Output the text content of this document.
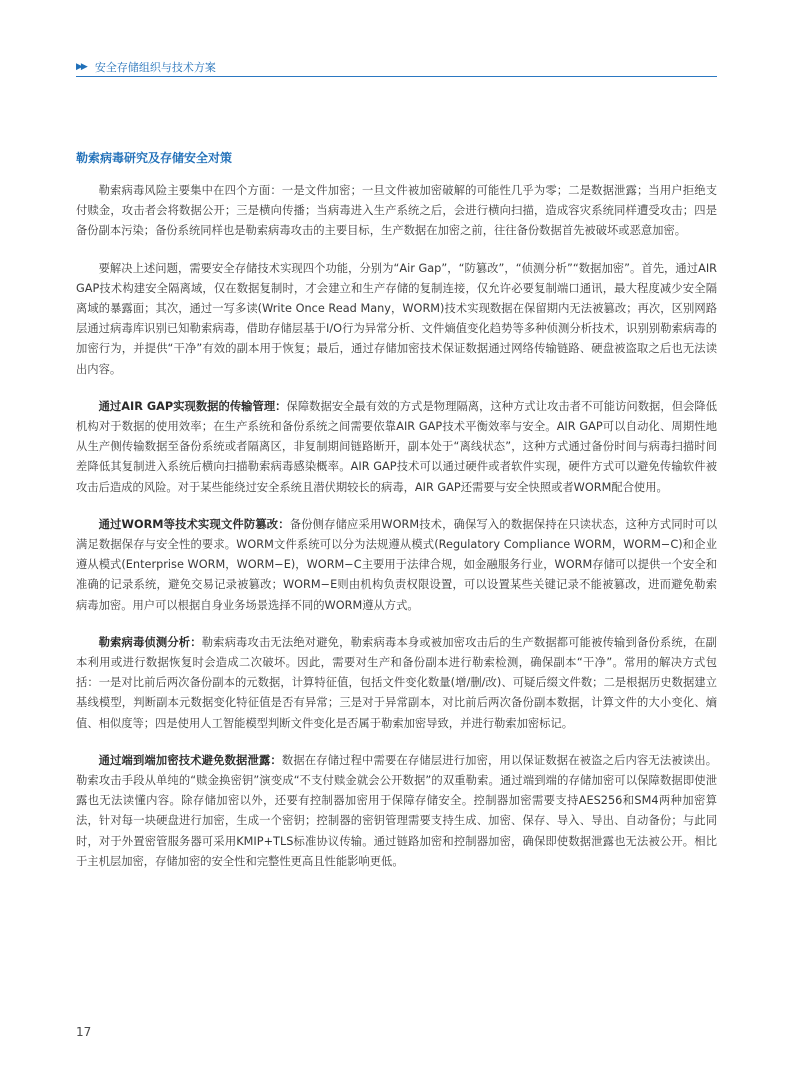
▶▶ 安全存储组织与技术方案
勒索病毒研究及存储安全对策

勒索病毒风险主要集中在四个方面：一是文件加密；一旦文件被加密破解的可能性几乎为零；二是数据泄露；当用户拒绝支付赎金，攻击者会将数据公开；三是横向传播；当病毒进入生产系统之后，会进行横向扫描，造成容灾系统同样遭受攻击；四是备份副本污染；备份系统同样也是勒索病毒攻击的主要目标，生产数据在加密之前，往往备份数据首先被破坏或恶意加密。

要解决上述问题，需要安全存储技术实现四个功能，分别为“Air Gap”，“防篡改”，“侦测分析”“数据加密”。首先，通过AIR GAP技术构建安全隔离域，仅在数据复制时，才会建立和生产存储的复制连接，仅允许必要复制端口通讯，最大程度减少安全隔离域的暴露面；其次，通过一写多读(Write Once Read Many，WORM)技术实现数据在保留期内无法被篡改；再次，区别网路层通过病毒库识别已知勒索病毒，借助存储层基于I/O行为异常分析、文件熵值变化趋势等多种侦测分析技术，识别别勒索病毒的加密行为，并提供“干净”有效的副本用于恢复；最后，通过存储加密技术保证数据通过网络传输链路、硬盘被盗取之后也无法读出内容。

通过AIR GAP实现数据的传输管理：保障数据安全最有效的方式是物理隔离，这种方式让攻击者不可能访问数据，但会降低机构对于数据的使用效率；在生产系统和备份系统之间需要依靠AIR GAP技术平衡效率与安全。AIR GAP可以自动化、周期性地从生产侧传输数据至备份系统或者隔离区，非复制期间链路断开，副本处于“离线状态”，这种方式通过备份时间与病毒扫描时间差降低其复制进入系统后横向扫描勒索病毒感染概率。AIR GAP技术可以通过硬件或者软件实现，硬件方式可以避免传输软件被攻击后造成的风险。对于某些能绕过安全系统且潜伏期较长的病毒，AIR GAP还需要与安全快照或者WORM配合使用。

通过WORM等技术实现文件防篡改：备份侧存储应采用WORM技术，确保写入的数据保持在只读状态，这种方式同时可以满足数据保存与安全性的要求。WORM文件系统可以分为法规遵从模式(Regulatory Compliance WORM，WORM−C)和企业遵从模式(Enterprise WORM，WORM−E)，WORM−C主要用于法律合规，如金融服务行业，WORM存储可以提供一个安全和准确的记录系统，避免交易记录被篡改；WORM−E则由机构负责权限设置，可以设置某些关键记录不能被篡改，进而避免勒索病毒加密。用户可以根据自身业务场景选择不同的WORM遵从方式。

勒索病毒侦测分析：勒索病毒攻击无法绝对避免，勒索病毒本身或被加密攻击后的生产数据都可能被传输到备份系统，在副本利用或进行数据恢复时会造成二次破坏。因此，需要对生产和备份副本进行勒索检测，确保副本“干净”。常用的解决方式包括：一是对比前后两次备份副本的元数据，计算特征值，包括文件变化数量(增/删/改)、可疑后缀文件数；二是根据历史数据建立基线模型，判断副本元数据变化特征值是否有异常；三是对于异常副本，对比前后两次备份副本数据，计算文件的大小变化、熵值、相似度等；四是使用人工智能模型判断文件变化是否属于勒索加密导致，并进行勒索加密标记。

通过端到端加密技术避免数据泄露：数据在存储过程中需要在存储层进行加密，用以保证数据在被盗之后内容无法被读出。勒索攻击手段从单纯的“赎金换密钥”演变成“不支付赎金就会公开数据”的双重勒索。通过端到端的存储加密可以保障数据即使泄露也无法读懂内容。除存储加密以外，还要有控制器加密用于保障存储安全。控制器加密需要支持AES256和SM4两种加密算法，针对每一块硬盘进行加密，生成一个密钥；控制器的密钥管理需要支持生成、加密、保存、导入、导出、自动备份；与此同时，对于外置密管服务器可采用KMIP+TLS标准协议传输。通过链路加密和控制器加密，确保即使数据泄露也无法被公开。相比于主机层加密，存储加密的安全性和完整性更高且性能影响更低。

17
